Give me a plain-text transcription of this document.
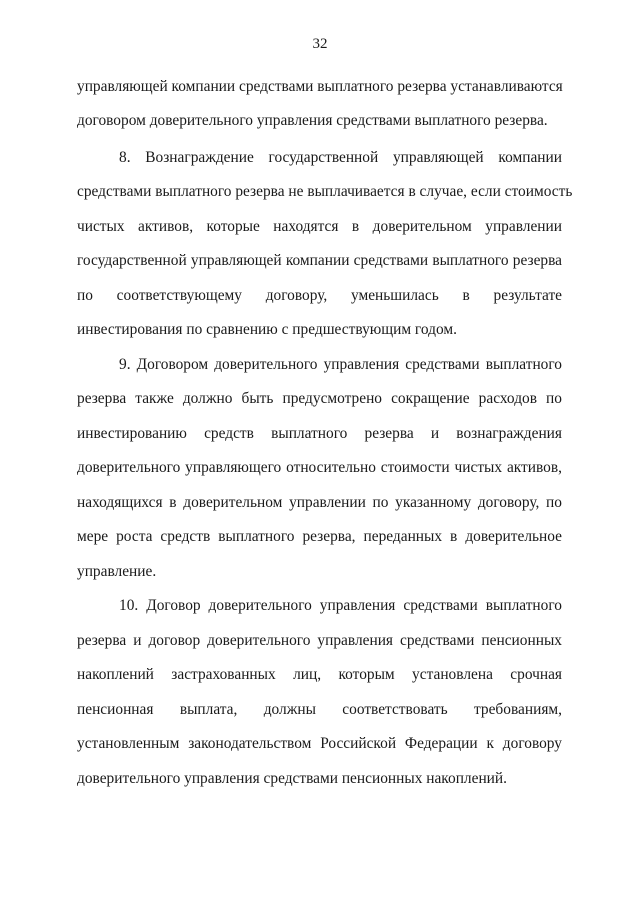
32
управляющей компании средствами выплатного резерва устанавливаются
договором доверительного управления средствами выплатного резерва.
8. Вознаграждение государственной управляющей компании
средствами выплатного резерва не выплачивается в случае, если стоимость
чистых активов, которые находятся в доверительном управлении
государственной управляющей компании средствами выплатного резерва
по соответствующему договору, уменьшилась в результате
инвестирования по сравнению с предшествующим годом.
9. Договором доверительного управления средствами выплатного
резерва также должно быть предусмотрено сокращение расходов по
инвестированию средств выплатного резерва и вознаграждения
доверительного управляющего относительно стоимости чистых активов,
находящихся в доверительном управлении по указанному договору, по
мере роста средств выплатного резерва, переданных в доверительное
управление.
10. Договор доверительного управления средствами выплатного
резерва и договор доверительного управления средствами пенсионных
накоплений застрахованных лиц, которым установлена срочная
пенсионная выплата, должны соответствовать требованиям,
установленным законодательством Российской Федерации к договору
доверительного управления средствами пенсионных накоплений.
